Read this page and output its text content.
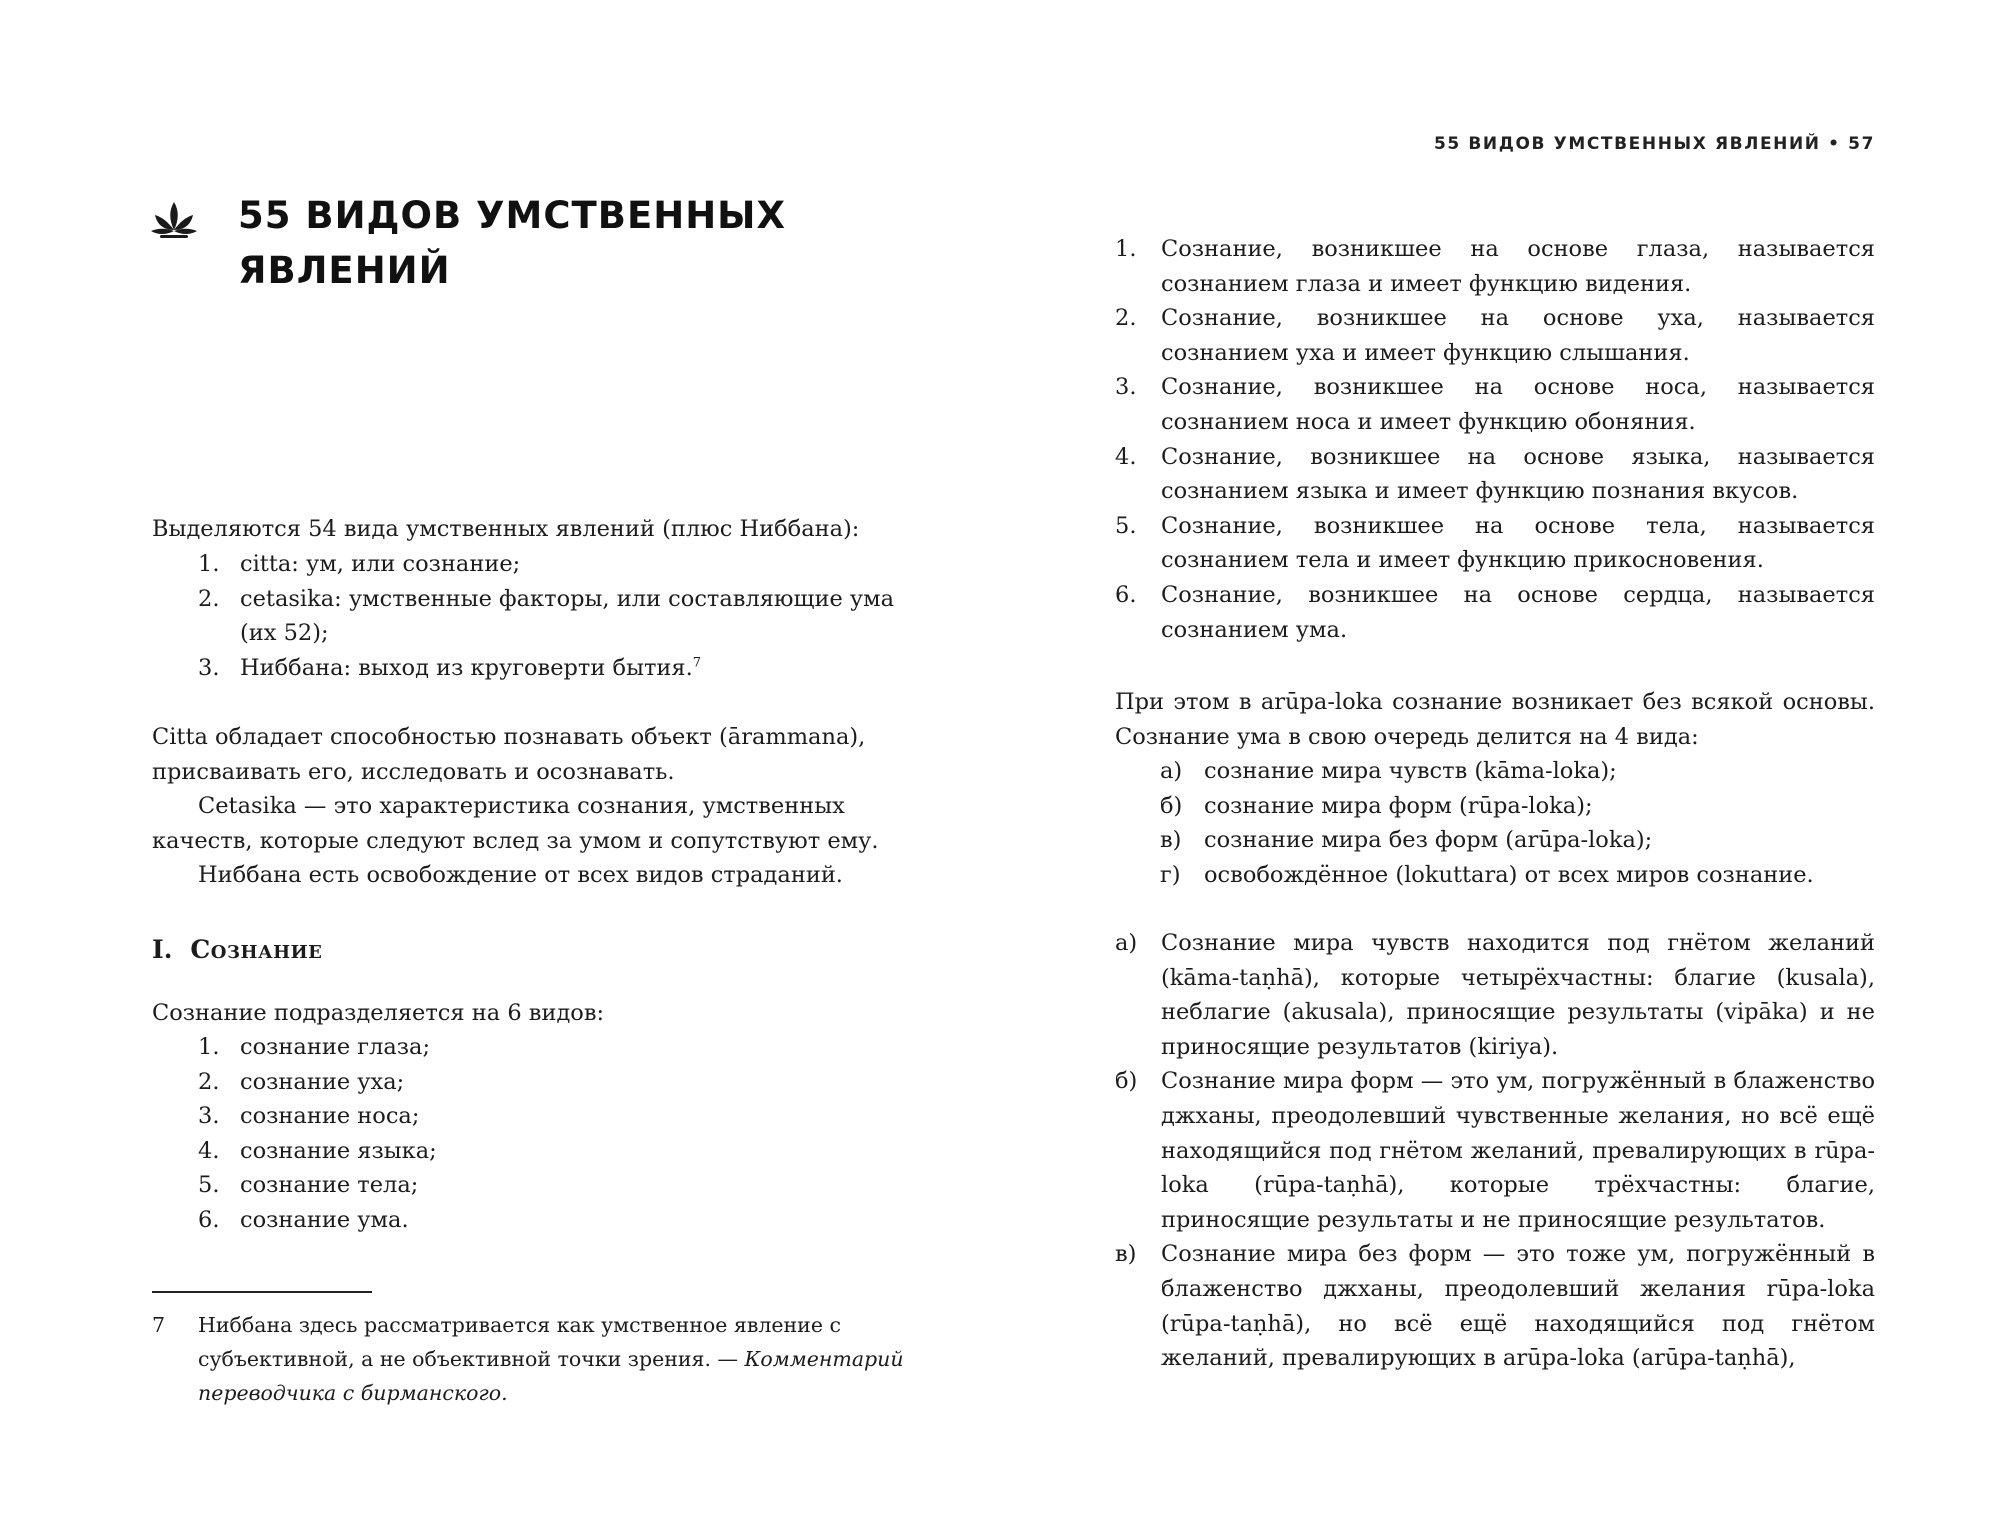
55 ВИДОВ УМСТВЕННЫХ ЯВЛЕНИЙ

Выделяются 54 вида умственных явлений (плюс Ниббана):

1. citta: ум, или сознание;
2. cetasika: умственные факторы, или составляющие ума (их 52);
3. Ниббана: выход из круговерти бытия.$^7$

Citta обладает способностью познавать объект (ārammana), присваивать его, исследовать и осознавать.

Cetasika — это характеристика сознания, умственных качеств, которые следуют вслед за умом и сопутствуют ему.

Ниббана есть освобождение от всех видов страданий.

I. Сознание

Сознание подразделяется на 6 видов:

1. сознание глаза;
2. сознание уха;
3. сознание носа;
4. сознание языка;
5. сознание тела;
6. сознание ума.
7	Ниббана здесь рассматривается как умственное явление с субъективной, а не объективной точки зрения. — Комментарий переводчика с бирманского.
55 ВИДОВ УМСТВЕННЫХ ЯВЛЕНИЙ • 57
1. Сознание, возникшее на основе глаза, называется сознанием глаза и имеет функцию видения.
2. Сознание, возникшее на основе уха, называется сознанием уха и имеет функцию слышания.
3. Сознание, возникшее на основе носа, называется сознанием носа и имеет функцию обоняния.
4. Сознание, возникшее на основе языка, называется сознанием языка и имеет функцию познания вкусов.
5. Сознание, возникшее на основе тела, называется сознанием тела и имеет функцию прикосновения.
6. Сознание, возникшее на основе сердца, называется сознанием ума.

При этом в arūpa-loka сознание возникает без всякой основы. Сознание ума в свою очередь делится на 4 вида:

а) сознание мира чувств (kāma-loka);
б) сознание мира форм (rūpa-loka);
в) сознание мира без форм (arūpa-loka);
г) освобождённое (lokuttara) от всех миров сознание.
а) Сознание мира чувств находится под гнётом желаний (kāma-taṇhā), которые четырёхчастны: благие (kusala), неблагие (akusala), приносящие результаты (vipāka) и не приносящие результатов (kiriya).
б) Сознание мира форм — это ум, погружённый в блаженство джханы, преодолевший чувственные желания, но всё ещё находящийся под гнётом желаний, превалирующих в rūpa-loka (rūpa-taṇhā), которые трёхчастны: благие, приносящие результаты и не приносящие результатов.
в) Сознание мира без форм — это тоже ум, погружённый в блаженство джханы, преодолевший желания rūpa-loka (rūpa-taṇhā), но всё ещё находящийся под гнётом желаний, превалирующих в arūpa-loka (arūpa-taṇhā),
